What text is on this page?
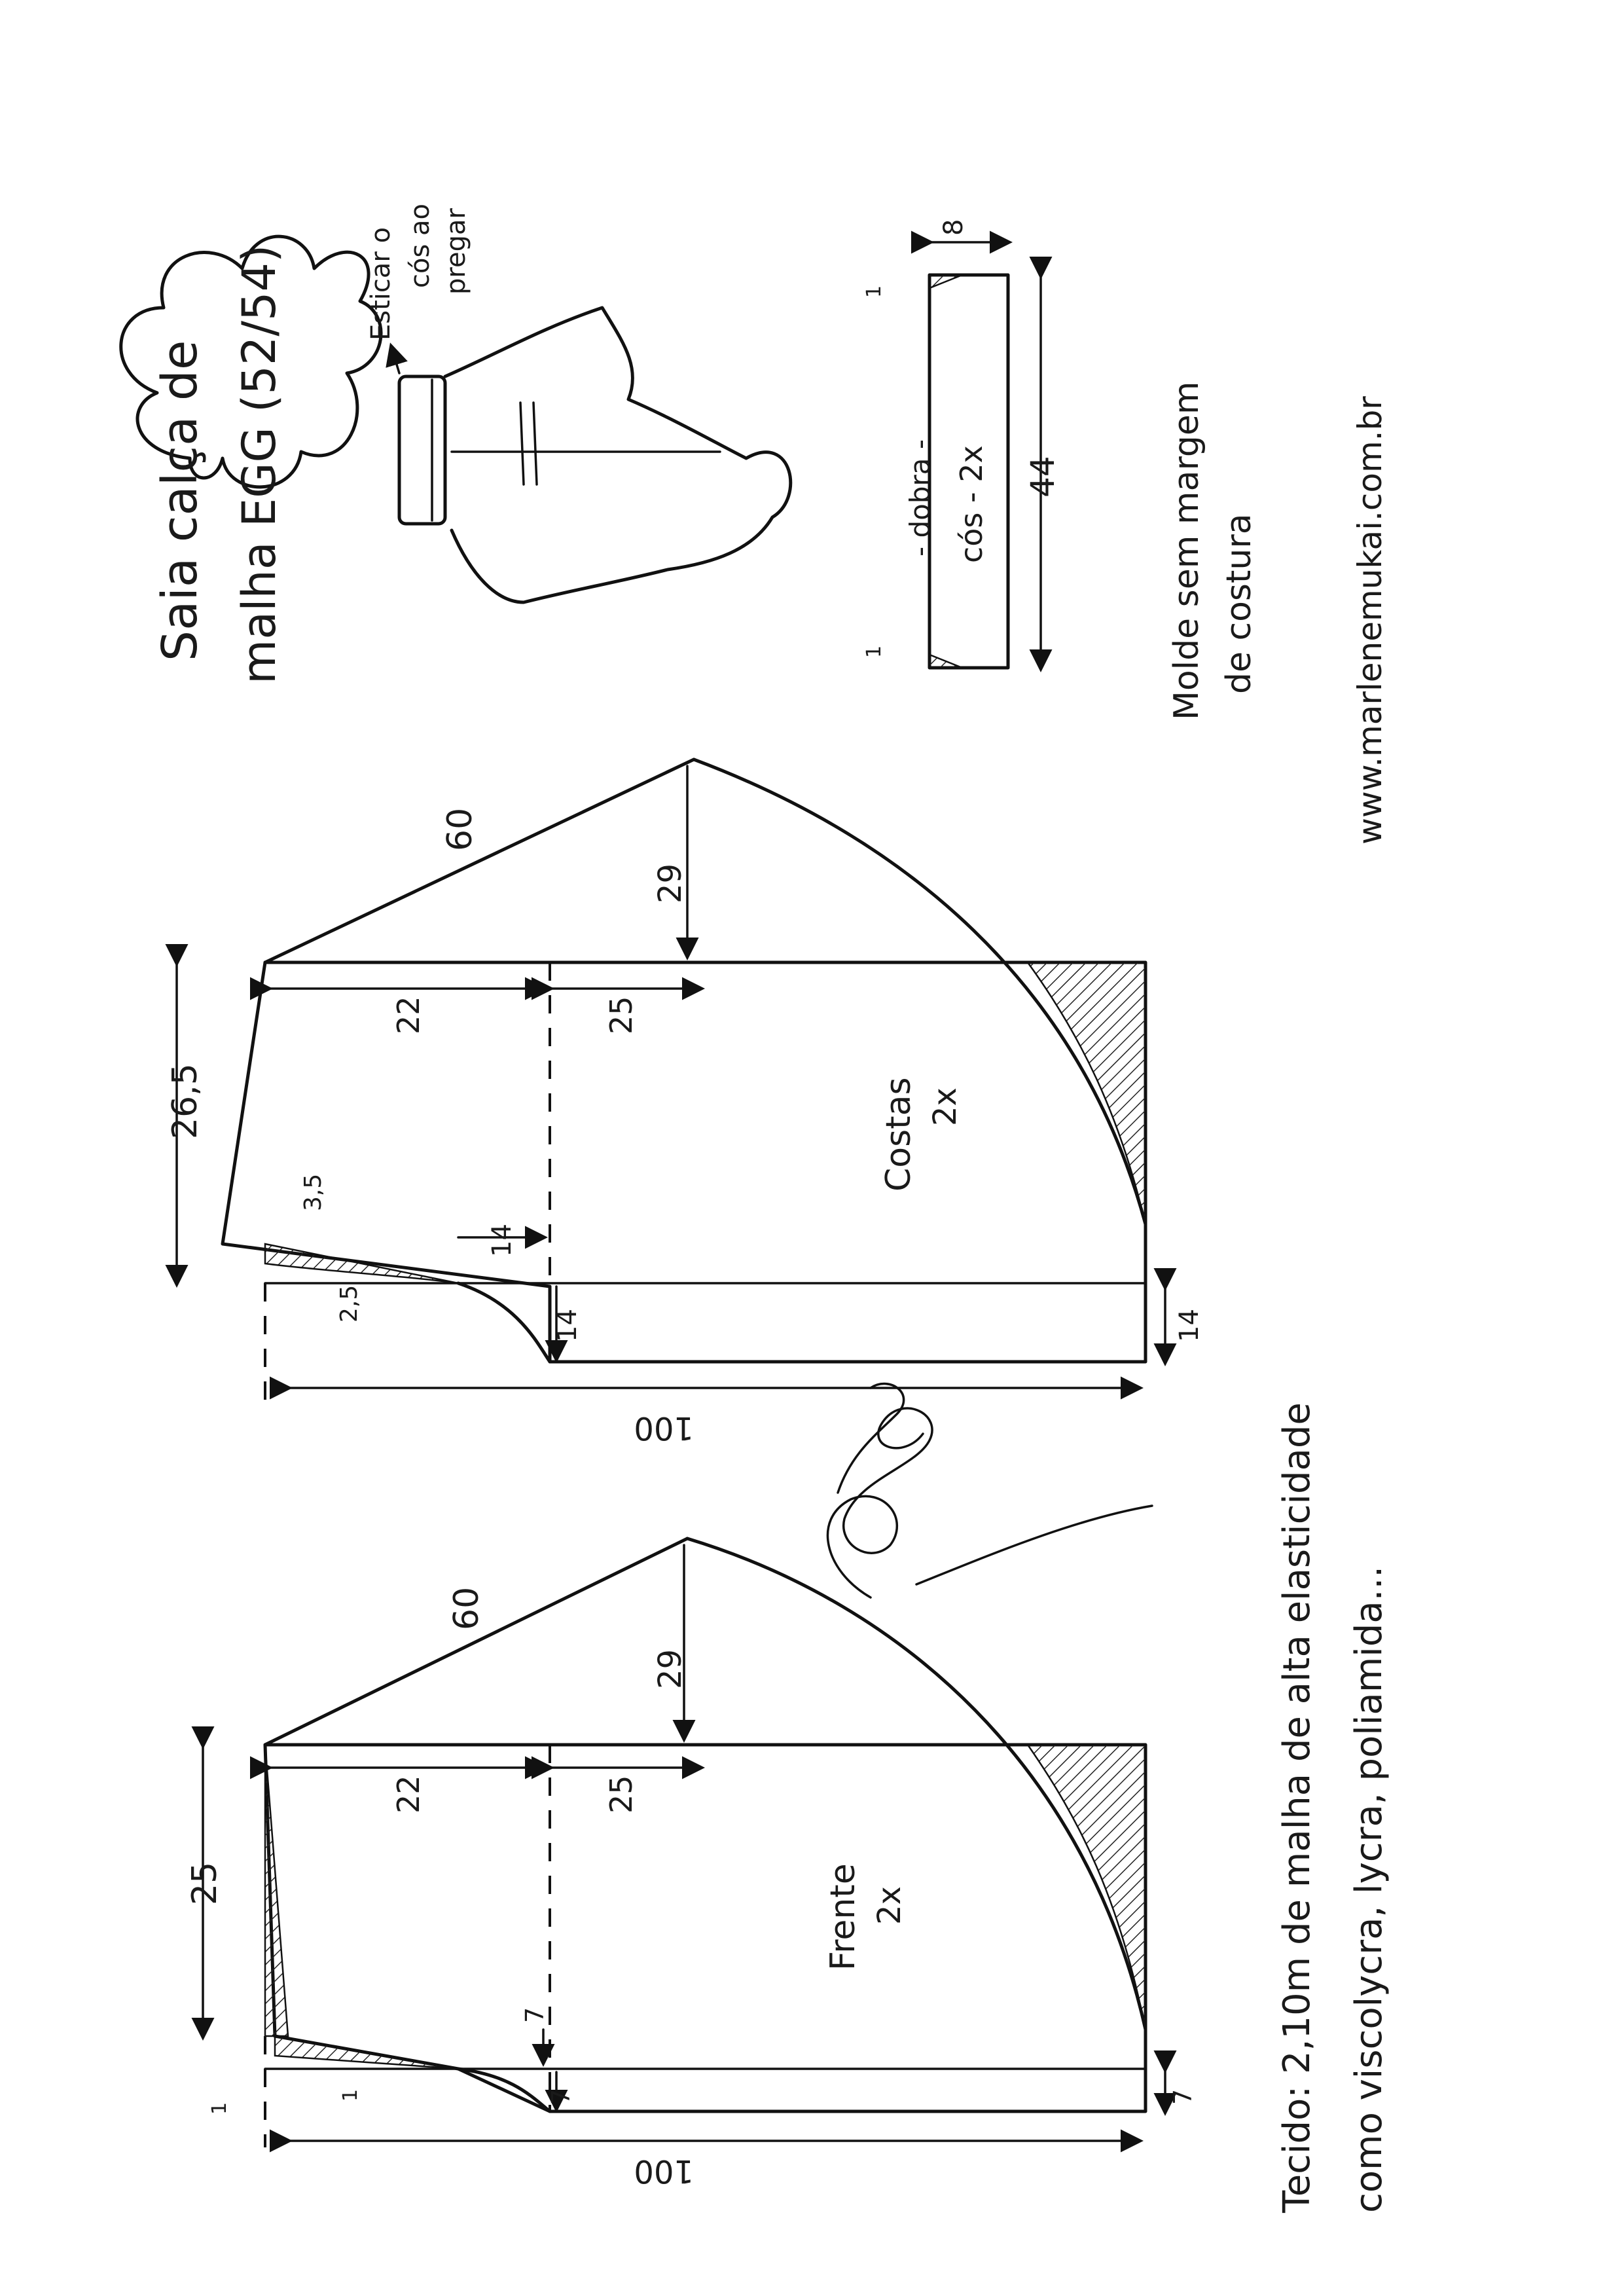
Saia calça de malha EGG (52/54)	Esticar o cós ao pregar	8
- dobra - cós - 2x 44
1
1	Molde sem margem de costura	www.marlenemukai.com.br
Costas 2x
60
29
22	25
26,5
3,5
2,5
14
14	14
100
Frente 2x
60
29
22	25
25
7
7	7
1
1
100	Tecido: 2,10m de malha de alta elasticidade como viscolycra, lycra, poliamida...
